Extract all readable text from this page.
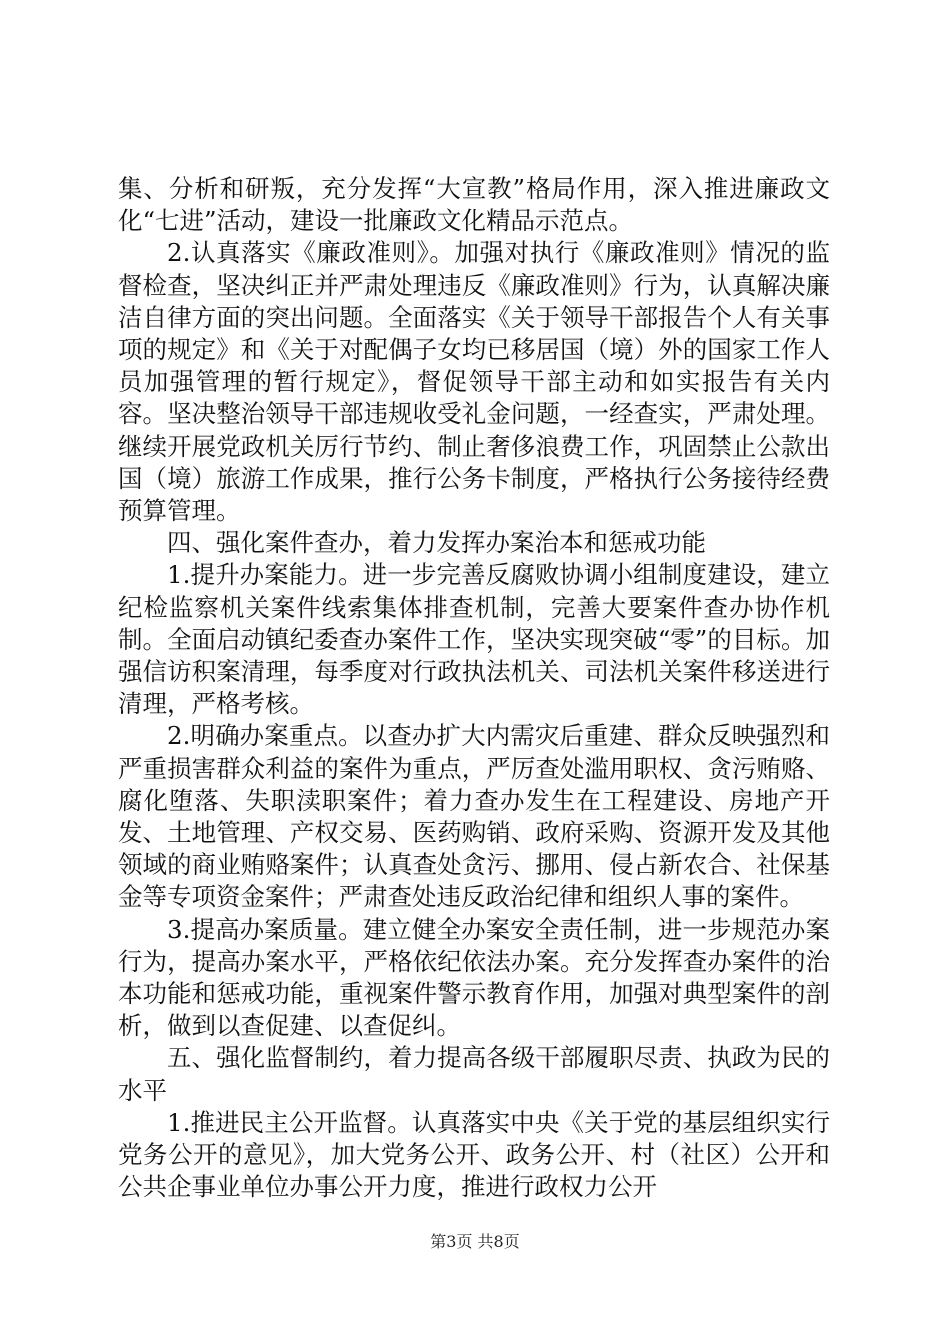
集、分析和研叛，充分发挥“大宣教”格局作用，深入推进廉政文化“七进”活动，建设一批廉政文化精品示范点。

2.认真落实《廉政准则》。加强对执行《廉政准则》情况的监督检查，坚决纠正并严肃处理违反《廉政准则》行为，认真解决廉洁自律方面的突出问题。全面落实《关于领导干部报告个人有关事项的规定》和《关于对配偶子女均已移居国（境）外的国家工作人员加强管理的暂行规定》，督促领导干部主动和如实报告有关内容。坚决整治领导干部违规收受礼金问题，一经查实，严肃处理。继续开展党政机关厉行节约、制止奢侈浪费工作，巩固禁止公款出国（境）旅游工作成果，推行公务卡制度，严格执行公务接待经费预算管理。

四、强化案件查办，着力发挥办案治本和惩戒功能

1.提升办案能力。进一步完善反腐败协调小组制度建设，建立纪检监察机关案件线索集体排查机制，完善大要案件查办协作机制。全面启动镇纪委查办案件工作，坚决实现突破“零”的目标。加强信访积案清理，每季度对行政执法机关、司法机关案件移送进行清理，严格考核。

2.明确办案重点。以查办扩大内需灾后重建、群众反映强烈和严重损害群众利益的案件为重点，严厉查处滥用职权、贪污贿赂、腐化堕落、失职渎职案件；着力查办发生在工程建设、房地产开发、土地管理、产权交易、医药购销、政府采购、资源开发及其他领域的商业贿赂案件；认真查处贪污、挪用、侵占新农合、社保基金等专项资金案件；严肃查处违反政治纪律和组织人事的案件。

3.提高办案质量。建立健全办案安全责任制，进一步规范办案行为，提高办案水平，严格依纪依法办案。充分发挥查办案件的治本功能和惩戒功能，重视案件警示教育作用，加强对典型案件的剖析，做到以查促建、以查促纠。

五、强化监督制约，着力提高各级干部履职尽责、执政为民的水平

1.推进民主公开监督。认真落实中央《关于党的基层组织实行党务公开的意见》，加大党务公开、政务公开、村（社区）公开和公共企事业单位办事公开力度，推进行政权力公开

第3页 共8页
